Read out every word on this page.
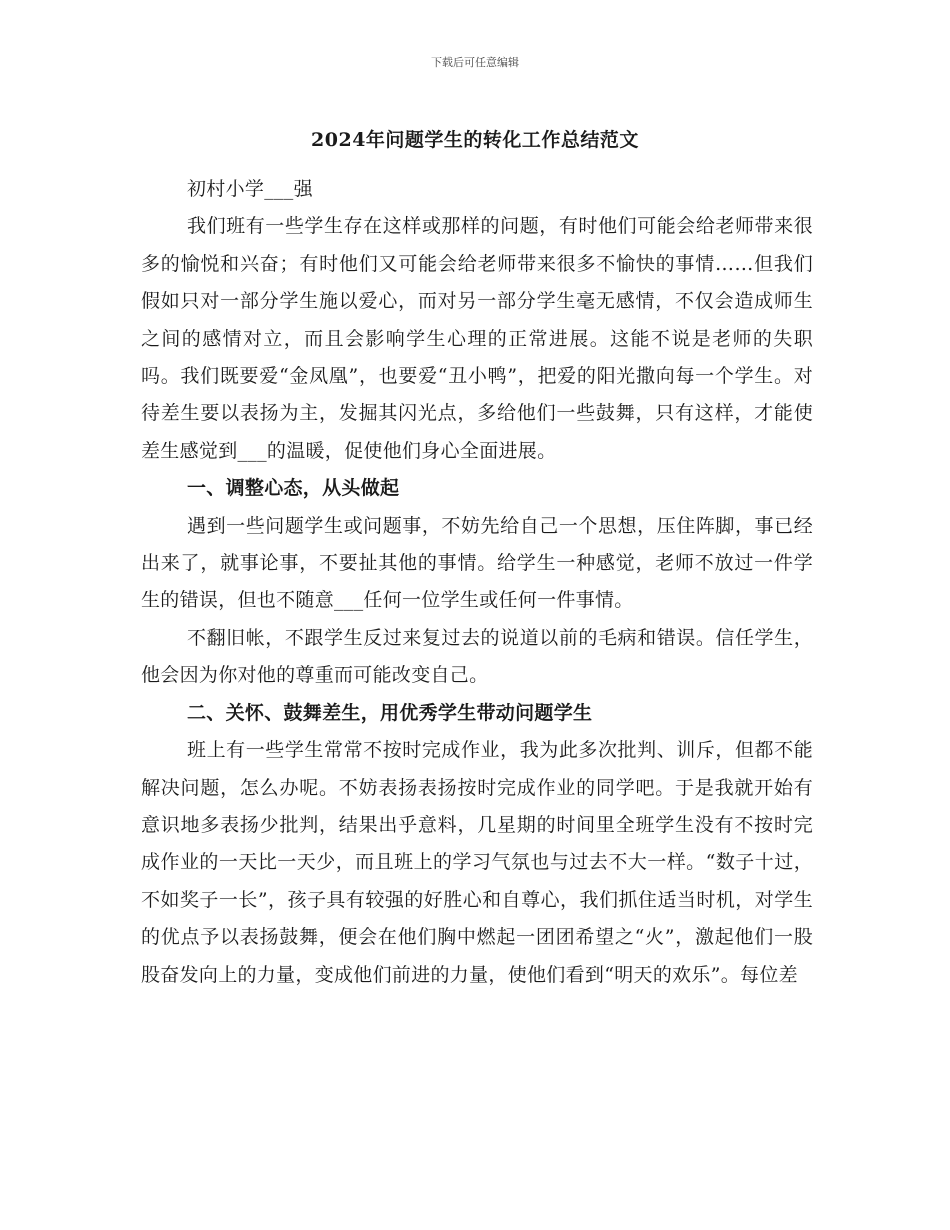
下载后可任意编辑
2024年问题学生的转化工作总结范文

初村小学___强

我们班有一些学生存在这样或那样的问题，有时他们可能会给老师带来很多的愉悦和兴奋；有时他们又可能会给老师带来很多不愉快的事情……但我们假如只对一部分学生施以爱心，而对另一部分学生毫无感情，不仅会造成师生之间的感情对立，而且会影响学生心理的正常进展。这能不说是老师的失职吗。我们既要爱“金凤凰”，也要爱“丑小鸭”，把爱的阳光撒向每一个学生。对待差生要以表扬为主，发掘其闪光点，多给他们一些鼓舞，只有这样，才能使差生感觉到___的温暖，促使他们身心全面进展。

一、调整心态，从头做起

遇到一些问题学生或问题事，不妨先给自己一个思想，压住阵脚，事已经出来了，就事论事，不要扯其他的事情。给学生一种感觉，老师不放过一件学生的错误，但也不随意___任何一位学生或任何一件事情。

不翻旧帐，不跟学生反过来复过去的说道以前的毛病和错误。信任学生，他会因为你对他的尊重而可能改变自己。

二、关怀、鼓舞差生，用优秀学生带动问题学生

班上有一些学生常常不按时完成作业，我为此多次批判、训斥，但都不能解决问题，怎么办呢。不妨表扬表扬按时完成作业的同学吧。于是我就开始有意识地多表扬少批判，结果出乎意料，几星期的时间里全班学生没有不按时完成作业的一天比一天少，而且班上的学习气氛也与过去不大一样。“数子十过，不如奖子一长”，孩子具有较强的好胜心和自尊心，我们抓住适当时机，对学生的优点予以表扬鼓舞，便会在他们胸中燃起一团团希望之“火”，激起他们一股股奋发向上的力量，变成他们前进的力量，使他们看到“明天的欢乐”。每位差
